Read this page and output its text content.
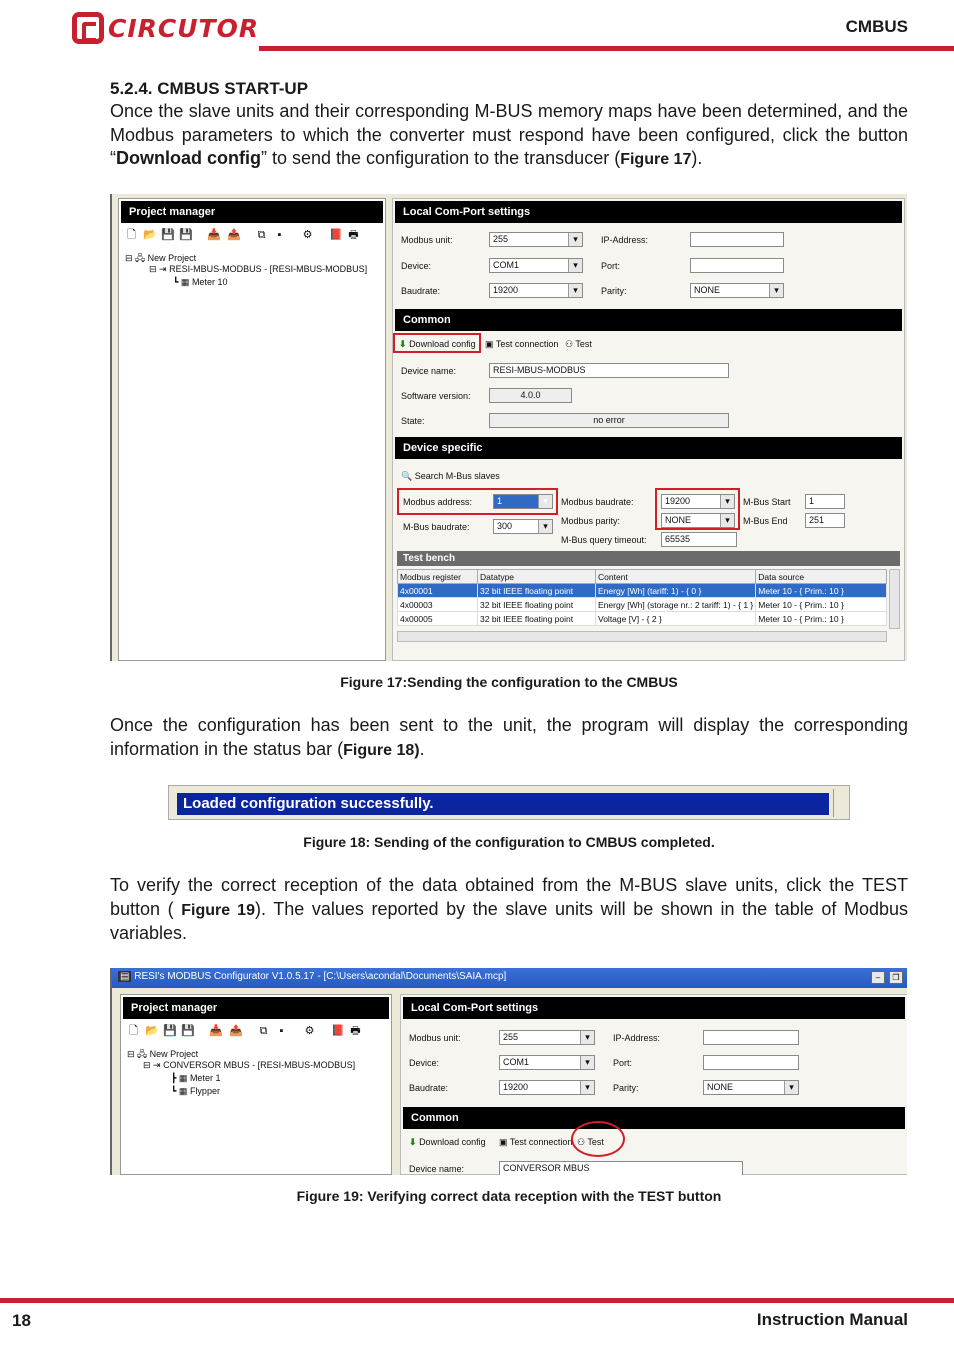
CIRCUTOR	CMBUS
5.2.4. CMBUS START-UP

Once the slave units and their corresponding M-BUS memory maps have been determined, and the Modbus parameters to which the converter must respond have been configured, click the button “Download config” to send the configuration to the transducer (Figure 17).

Project manager
🗋 📂 💾 💾 📥 📤 ⧉	▪	⚙ 📕 🖶
⊟ 🖧 New Project
⊟ ⇥ RESI-MBUS-MODBUS - [RESI-MBUS-MODBUS]
┗ ▦ Meter 10
Local Com-Port settings
Modbus unit:	255 ▾
Device:	COM1 ▾
Baudrate:	19200 ▾
IP-Address:
Port:
Parity:	NONE ▾
Common
⬇ Download config ▣ Test connection ⚇ Test
Device name:	RESI-MBUS-MODBUS
Software version:	4.0.0
State:	no error
Device specific
🔍 Search M-Bus slaves
Modbus address:	1 ▾
M-Bus baudrate:	300 ▾
Modbus baudrate:	19200 ▾
Modbus parity:	NONE ▾
M-Bus query timeout:	65535
M-Bus Start	1
M-Bus End	251
Test bench
Modbus register	Datatype	Content	Data source
4x00001	32 bit IEEE floating point	Energy [Wh] (tariff: 1) - { 0 }	Meter 10 - { Prim.: 10 }
4x00003	32 bit IEEE floating point	Energy [Wh] (storage nr.: 2 tariff: 1) - { 1 }	Meter 10 - { Prim.: 10 }
4x00005	32 bit IEEE floating point	Voltage [V] - { 2 }	Meter 10 - { Prim.: 10 }
Figure 17:Sending the configuration to the CMBUS

Once the configuration has been sent to the unit, the program will display the corresponding information in the status bar (Figure 18).

Loaded configuration successfully.
Figure 18: Sending of the configuration to CMBUS completed.

To verify the correct reception of the data obtained from the M-BUS slave units, click the TEST button ( Figure 19). The values reported by the slave units will be shown in the table of Modbus variables.

▤ RESI's MODBUS Configurator V1.0.5.17 - [C:\Users\acondal\Documents\SAIA.mcp]	–	❐
Project manager
🗋 📂 💾 💾 📥 📤 ⧉	▪	⚙ 📕 🖶
⊟ 🖧 New Project
⊟ ⇥ CONVERSOR MBUS - [RESI-MBUS-MODBUS]
┣ ▦ Meter 1
┗ ▦ Flypper
Local Com-Port settings
Modbus unit:	255 ▾
Device:	COM1 ▾
Baudrate:	19200 ▾
IP-Address:
Port:
Parity:	NONE ▾
Common
⬇ Download config ▣ Test connection ⚇ Test
Device name:	CONVERSOR MBUS
Figure 19: Verifying correct data reception with the TEST button
18	Instruction Manual
